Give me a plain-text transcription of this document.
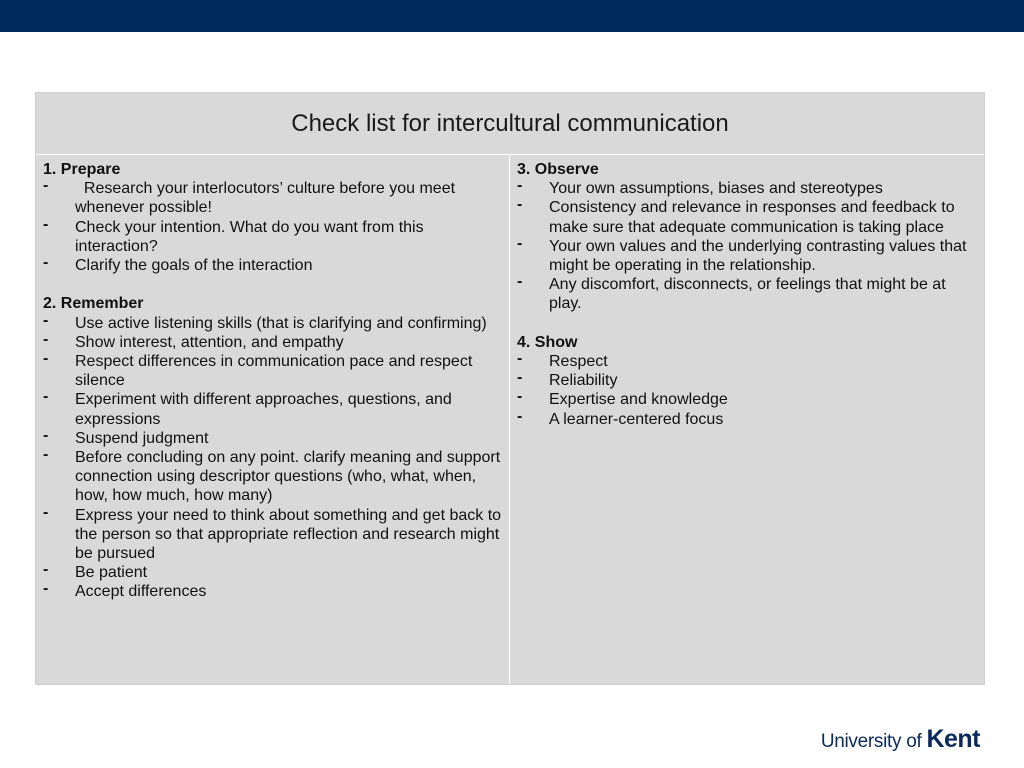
Check list for intercultural communication

1. Prepare

-   Research your interlocutors’ culture before you meet whenever possible!
- Check your intention. What do you want from this interaction?
- Clarify the goals of the interaction

2. Remember

- Use active listening skills (that is clarifying and confirming)
- Show interest, attention, and empathy
- Respect differences in communication pace and respect silence
- Experiment with different approaches, questions, and expressions
- Suspend judgment
- Before concluding on any point. clarify meaning and support connection using descriptor questions (who, what, when, how, how much, how many)
- Express your need to think about something and get back to the person so that appropriate reflection and research might be pursued
- Be patient
- Accept differences

3. Observe

- Your own assumptions, biases and stereotypes
- Consistency and relevance in responses and feedback to make sure that adequate communication is taking place
- Your own values and the underlying contrasting values that might be operating in the relationship.
- Any discomfort, disconnects, or feelings that might be at play.

4. Show

- Respect
- Reliability
- Expertise and knowledge
- A learner-centered focus
University of Kent
